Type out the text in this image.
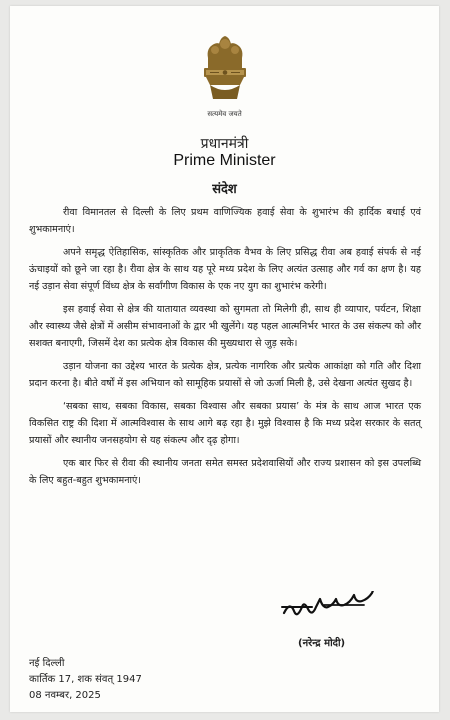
सत्यमेव जयते
प्रधानमंत्री
Prime Minister
संदेश

रीवा विमानतल से दिल्ली के लिए प्रथम वाणिज्यिक हवाई सेवा के शुभारंभ की हार्दिक बधाई एवं शुभकामनाएं।

अपने समृद्ध ऐतिहासिक, सांस्कृतिक और प्राकृतिक वैभव के लिए प्रसिद्ध रीवा अब हवाई संपर्क से नई ऊंचाइयों को छूने जा रहा है। रीवा क्षेत्र के साथ यह पूरे मध्य प्रदेश के लिए अत्यंत उत्साह और गर्व का क्षण है। यह नई उड़ान सेवा संपूर्ण विंध्य क्षेत्र के सर्वांगीण विकास के एक नए युग का शुभारंभ करेगी।

इस हवाई सेवा से क्षेत्र की यातायात व्यवस्था को सुगमता तो मिलेगी ही, साथ ही व्यापार, पर्यटन, शिक्षा और स्वास्थ्य जैसे क्षेत्रों में असीम संभावनाओं के द्वार भी खुलेंगे। यह पहल आत्मनिर्भर भारत के उस संकल्प को और सशक्त बनाएगी, जिसमें देश का प्रत्येक क्षेत्र विकास की मुख्यधारा से जुड़ सके।

उड़ान योजना का उद्देश्य भारत के प्रत्येक क्षेत्र, प्रत्येक नागरिक और प्रत्येक आकांक्षा को गति और दिशा प्रदान करना है। बीते वर्षों में इस अभियान को सामूहिक प्रयासों से जो ऊर्जा मिली है, उसे देखना अत्यंत सुखद है।

‘सबका साथ, सबका विकास, सबका विश्वास और सबका प्रयास’ के मंत्र के साथ आज भारत एक विकसित राष्ट्र की दिशा में आत्मविश्वास के साथ आगे बढ़ रहा है। मुझे विश्वास है कि मध्य प्रदेश सरकार के सतत् प्रयासों और स्थानीय जनसहयोग से यह संकल्प और दृढ़ होगा।

एक बार फिर से रीवा की स्थानीय जनता समेत समस्त प्रदेशवासियों और राज्य प्रशासन को इस उपलब्धि के लिए बहुत-बहुत शुभकामनाएं।

(नरेन्द्र मोदी)
नई दिल्ली
कार्तिक 17, शक संवत् 1947
08 नवम्बर, 2025
